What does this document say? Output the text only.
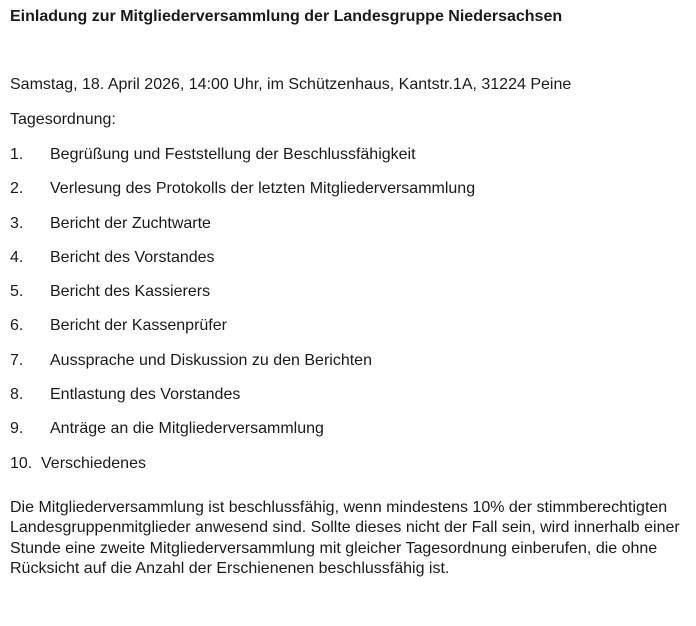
Einladung zur Mitgliederversammlung der Landesgruppe Niedersachsen
Samstag, 18. April 2026, 14:00 Uhr, im Schützenhaus, Kantstr.1A, 31224 Peine
Tagesordnung:
1. Begrüßung und Feststellung der Beschlussfähigkeit
2. Verlesung des Protokolls der letzten Mitgliederversammlung
3. Bericht der Zuchtwarte
4. Bericht des Vorstandes
5. Bericht des Kassierers
6. Bericht der Kassenprüfer
7. Aussprache und Diskussion zu den Berichten
8. Entlastung des Vorstandes
9. Anträge an die Mitgliederversammlung
10. Verschiedenes
Die Mitgliederversammlung ist beschlussfähig, wenn mindestens 10% der stimmberechtigten Landesgruppenmitglieder anwesend sind. Sollte dieses nicht der Fall sein, wird innerhalb einer Stunde eine zweite Mitgliederversammlung mit gleicher Tagesordnung einberufen, die ohne Rücksicht auf die Anzahl der Erschienenen beschlussfähig ist.
